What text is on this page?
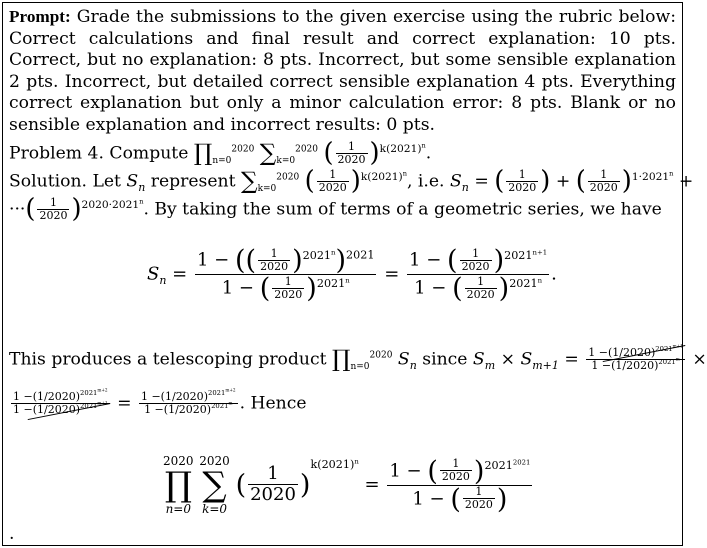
Prompt: Grade the submissions to the given exercise using the rubric below: Correct calculations and final result and correct explanation: 10 pts. Correct, but no explanation: 8 pts. Incorrect, but some sensible explanation 2 pts. Incorrect, but detailed correct sensible explanation 4 pts. Everything correct explanation but only a minor calculation error: 8 pts. Blank or no sensible explanation and incorrect results: 0 pts.
Problem 4. Compute $\prod_{n=0}^{2020}$ $\sum_{k=0}^{2020}$ ( $\frac{1}{2020} )^{k(2021)^n}$.
Solution. Let $S_n$ represent $\sum_{k=0}^{2020}$ ( $\frac{1}{2020} )^{k(2021)^n}$, i.e. $S_n$ = ( $\frac{1}{2020}$ ) + ( $\frac{1}{2020} )^{1\cdot 2021^n}$ +
···( $\frac{1}{2020} )^{2020\cdot 2021^n}$. By taking the sum of terms of a geometric series, we have
$S_n = \frac{1 - (( \frac{1}{2020} )^{2021^n})^{2021}}{1 - ( \frac{1}{2020} )^{2021^n}} = \frac{1 - ( \frac{1}{2020} )^{2021^{n+1}}}{1 - ( \frac{1}{2020} )^{2021^n}}$ .
This produces a telescoping product $\prod_{n=0}^{2020}$ $S_n$ since $S_m \times S_{m+1} = \frac{1 -(1/2020)^{2021^{m+1}}}{1 -(1/2020)^{2021^m}}$ ×
$\frac{1 -(1/2020)^{2021^{m+2}}}{1 -(1/2020)^{2021^{m+1}}} = \frac{1 -(1/2020)^{2021^{m+2}}}{1 -(1/2020)^{2021^m}}$ . Hence
2020
∏
n=0

2020
∑
k=0
( $\frac{1}{2020} )^{k(2021)^n} = \frac{1 - ( \frac{1}{2020} )^{2021^{2021}}}{1 - ( \frac{1}{2020} )}$
.
